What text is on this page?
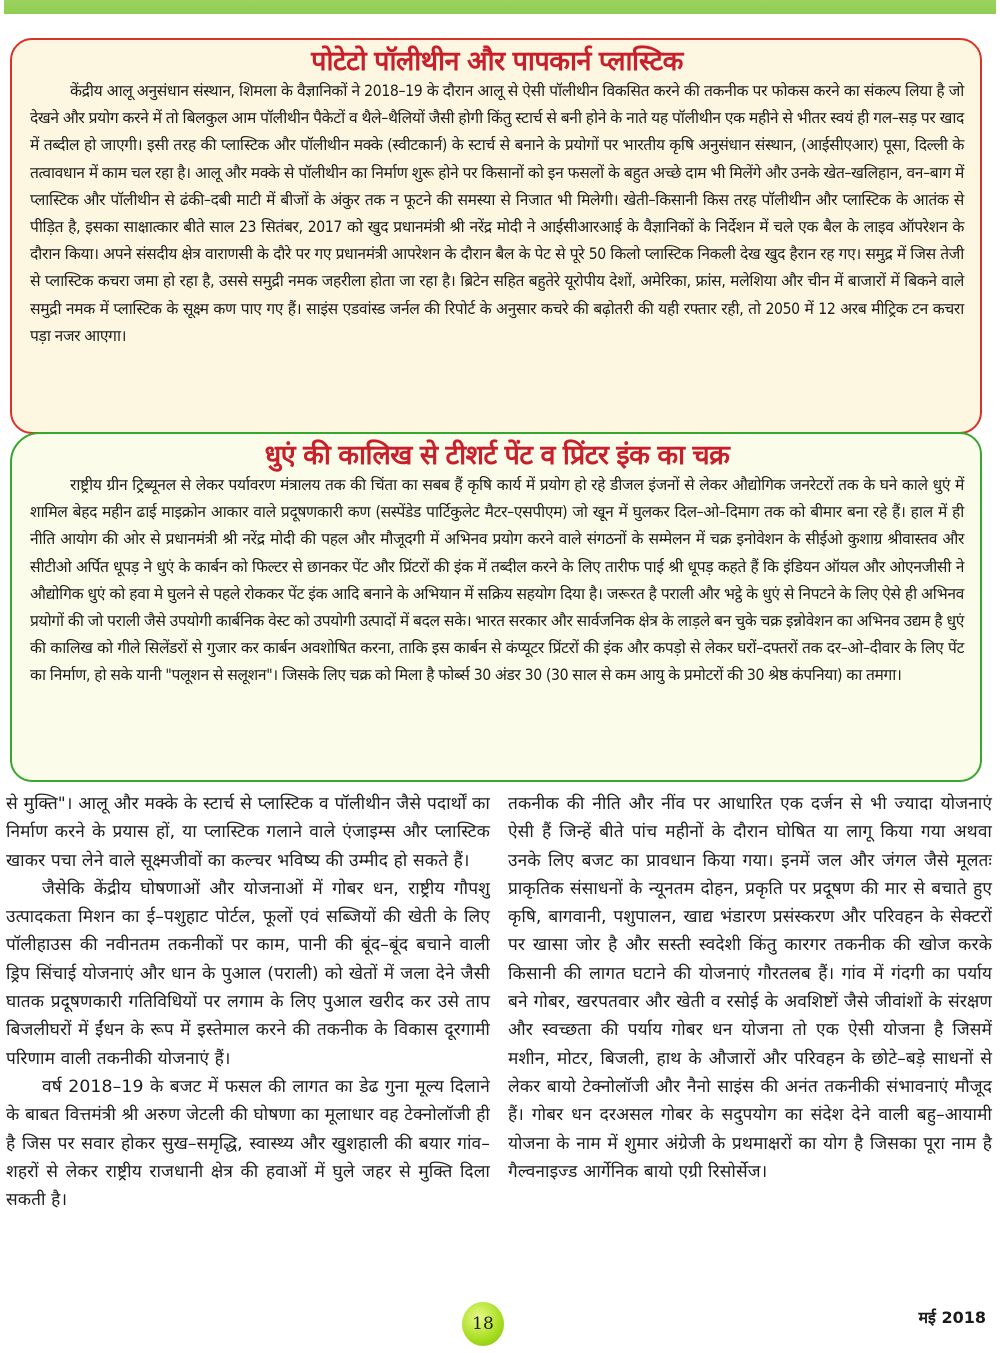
पोटेटो पॉलीथीन और पापकार्न प्लास्टिक

केंद्रीय आलू अनुसंधान संस्थान, शिमला के वैज्ञानिकों ने 2018–19 के दौरान आलू से ऐसी पॉलीथीन विकसित करने की तकनीक पर फोकस करने का संकल्प लिया है जो देखने और प्रयोग करने में तो बिलकुल आम पॉलीथीन पैकेटों व थैले–थैलियों जैसी होगी किंतु स्टार्च से बनी होने के नाते यह पॉलीथीन एक महीने से भीतर स्वयं ही गल–सड़ पर खाद में तब्दील हो जाएगी। इसी तरह की प्लास्टिक और पॉलीथीन मक्के (स्वीटकार्न) के स्टार्च से बनाने के प्रयोगों पर भारतीय कृषि अनुसंधान संस्थान, (आईसीएआर) पूसा, दिल्ली के तत्वावधान में काम चल रहा है। आलू और मक्के से पॉलीथीन का निर्माण शुरू होने पर किसानों को इन फसलों के बहुत अच्छे दाम भी मिलेंगे और उनके खेत–खलिहान, वन–बाग में प्लास्टिक और पॉलीथीन से ढंकी–दबी माटी में बीजों के अंकुर तक न फूटने की समस्या से निजात भी मिलेगी। खेती–किसानी किस तरह पॉलीथीन और प्लास्टिक के आतंक से पीड़ित है, इसका साक्षात्कार बीते साल 23 सितंबर, 2017 को खुद प्रधानमंत्री श्री नरेंद्र मोदी ने आईसीआरआई के वैज्ञानिकों के निर्देशन में चले एक बैल के लाइव ऑपरेशन के दौरान किया। अपने संसदीय क्षेत्र वाराणसी के दौरे पर गए प्रधानमंत्री आपरेशन के दौरान बैल के पेट से पूरे 50 किलो प्लास्टिक निकली देख खुद हैरान रह गए। समुद्र में जिस तेजी से प्लास्टिक कचरा जमा हो रहा है, उससे समुद्री नमक जहरीला होता जा रहा है। ब्रिटेन सहित बहुतेरे यूरोपीय देशों, अमेरिका, फ्रांस, मलेशिया और चीन में बाजारों में बिकने वाले समुद्री नमक में प्लास्टिक के सूक्ष्म कण पाए गए हैं। साइंस एडवांस्ड जर्नल की रिपोर्ट के अनुसार कचरे की बढ़ोतरी की यही रफ्तार रही, तो 2050 में 12 अरब मीट्रिक टन कचरा पड़ा नजर आएगा।

धुएं की कालिख से टीशर्ट पेंट व प्रिंटर इंक का चक्र

राष्ट्रीय ग्रीन ट्रिब्यूनल से लेकर पर्यावरण मंत्रालय तक की चिंता का सबब हैं कृषि कार्य में प्रयोग हो रहे डीजल इंजनों से लेकर औद्योगिक जनरेटरों तक के घने काले धुएं में शामिल बेहद महीन ढाई माइक्रोन आकार वाले प्रदूषणकारी कण (सस्पेंडेड पार्टिकुलेट मैटर–एसपीएम) जो खून में घुलकर दिल–ओ–दिमाग तक को बीमार बना रहे हैं। हाल में ही नीति आयोग की ओर से प्रधानमंत्री श्री नरेंद्र मोदी की पहल और मौजूदगी में अभिनव प्रयोग करने वाले संगठनों के सम्मेलन में चक्र इनोवेशन के सीईओ कुशाग्र श्रीवास्तव और सीटीओ अर्पित धूपड़ ने धुएं के कार्बन को फिल्टर से छानकर पेंट और प्रिंटरों की इंक में तब्दील करने के लिए तारीफ पाई श्री धूपड़ कहते हैं कि इंडियन ऑयल और ओएनजीसी ने औद्योगिक धुएं को हवा मे घुलने से पहले रोककर पेंट इंक आदि बनाने के अभियान में सक्रिय सहयोग दिया है। जरूरत है पराली और भट्ठे के धुएं से निपटने के लिए ऐसे ही अभिनव प्रयोगों की जो पराली जैसे उपयोगी कार्बनिक वेस्ट को उपयोगी उत्पादों में बदल सके। भारत सरकार और सार्वजनिक क्षेत्र के लाड़ले बन चुके चक्र इन्नोवेशन का अभिनव उद्यम है धुएं की कालिख को गीले सिलेंडरों से गुजार कर कार्बन अवशोषित करना, ताकि इस कार्बन से कंप्यूटर प्रिंटरों की इंक और कपड़ो से लेकर घरों–दफ्तरों तक दर–ओ–दीवार के लिए पेंट का निर्माण, हो सके यानी "पलूशन से सलूशन"। जिसके लिए चक्र को मिला है फोर्ब्स 30 अंडर 30 (30 साल से कम आयु के प्रमोटरों की 30 श्रेष्ठ कंपनिया) का तमगा।

से मुक्ति"। आलू और मक्के के स्टार्च से प्लास्टिक व पॉलीथीन जैसे पदार्थों का निर्माण करने के प्रयास हों, या प्लास्टिक गलाने वाले एंजाइम्स और प्लास्टिक खाकर पचा लेने वाले सूक्ष्मजीवों का कल्चर भविष्य की उम्मीद हो सकते हैं।

जैसेकि केंद्रीय घोषणाओं और योजनाओं में गोबर धन, राष्ट्रीय गौपशु उत्पादकता मिशन का ई–पशुहाट पोर्टल, फूलों एवं सब्जियों की खेती के लिए पॉलीहाउस की नवीनतम तकनीकों पर काम, पानी की बूंद–बूंद बचाने वाली ड्रिप सिंचाई योजनाएं और धान के पुआल (पराली) को खेतों में जला देने जैसी घातक प्रदूषणकारी गतिविधियों पर लगाम के लिए पुआल खरीद कर उसे ताप बिजलीघरों में ईंधन के रूप में इस्तेमाल करने की तकनीक के विकास दूरगामी परिणाम वाली तकनीकी योजनाएं हैं।

वर्ष 2018–19 के बजट में फसल की लागत का डेढ गुना मूल्य दिलाने के बाबत वित्तमंत्री श्री अरुण जेटली की घोषणा का मूलाधार वह टेक्नोलॉजी ही है जिस पर सवार होकर सुख–समृद्धि, स्वास्थ्य और खुशहाली की बयार गांव–शहरों से लेकर राष्ट्रीय राजधानी क्षेत्र की हवाओं में घुले जहर से मुक्ति दिला सकती है।

तकनीक की नीति और नींव पर आधारित एक दर्जन से भी ज्यादा योजनाएं ऐसी हैं जिन्हें बीते पांच महीनों के दौरान घोषित या लागू किया गया अथवा उनके लिए बजट का प्रावधान किया गया। इनमें जल और जंगल जैसे मूलतः प्राकृतिक संसाधनों के न्यूनतम दोहन, प्रकृति पर प्रदूषण की मार से बचाते हुए कृषि, बागवानी, पशुपालन, खाद्य भंडारण प्रसंस्करण और परिवहन के सेक्टरों पर खासा जोर है और सस्ती स्वदेशी किंतु कारगर तकनीक की खोज करके किसानी की लागत घटाने की योजनाएं गौरतलब हैं। गांव में गंदगी का पर्याय बने गोबर, खरपतवार और खेती व रसोई के अवशिष्टों जैसे जीवांशों के संरक्षण और स्वच्छता की पर्याय गोबर धन योजना तो एक ऐसी योजना है जिसमें मशीन, मोटर, बिजली, हाथ के औजारों और परिवहन के छोटे–बड़े साधनों से लेकर बायो टेक्नोलॉजी और नैनो साइंस की अनंत तकनीकी संभावनाएं मौजूद हैं। गोबर धन दरअसल गोबर के सदुपयोग का संदेश देने वाली बहु–आयामी योजना के नाम में शुमार अंग्रेजी के प्रथमाक्षरों का योग है जिसका पूरा नाम है गैल्वनाइज्ड आर्गेनिक बायो एग्री रिसोर्सेज।

18	मई 2018
